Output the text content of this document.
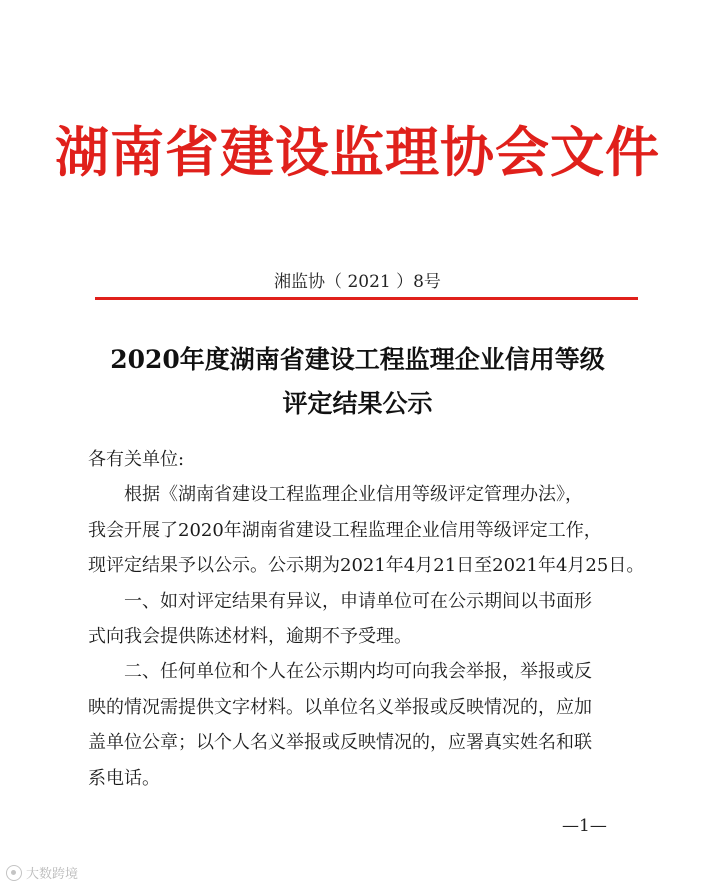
湖南省建设监理协会文件
湘监协（ 2021 ）8号
2020年度湖南省建设工程监理企业信用等级
评定结果公示

各有关单位:

根据《湖南省建设工程监理企业信用等级评定管理办法》，
我会开展了2020年湖南省建设工程监理企业信用等级评定工作，
现评定结果予以公示。公示期为2021年4月21日至2021年4月25日。

一、如对评定结果有异议，申请单位可在公示期间以书面形
式向我会提供陈述材料，逾期不予受理。

二、任何单位和个人在公示期内均可向我会举报，举报或反
映的情况需提供文字材料。以单位名义举报或反映情况的，应加
盖单位公章；以个人名义举报或反映情况的，应署真实姓名和联
系电话。

—1—
大数跨境
